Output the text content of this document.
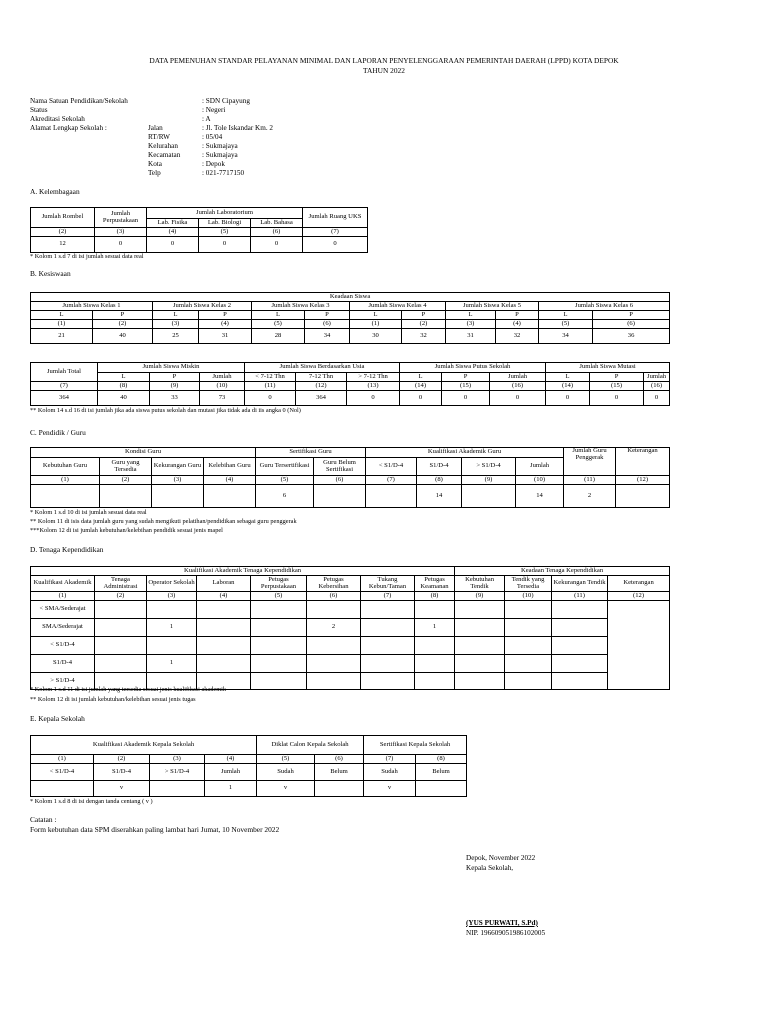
DATA PEMENUHAN STANDAR PELAYANAN MINIMAL DAN LAPORAN PENYELENGGARAAN PEMERINTAH DAERAH (LPPD) KOTA DEPOK
TAHUN 2022
Nama Satuan Pendidikan/Sekolah	: SDN Cipayung
Status	: Negeri
Akreditasi Sekolah	: A
Alamat Lengkap Sekolah :	Jalan	: Jl. Tole Iskandar Km. 2
RT/RW	: 05/04
Kelurahan	: Sukmajaya
Kecamatan	: Sukmajaya
Kota	: Depok
Telp	: 021-7717150
A. Kelembagaan
Jumlah Rombel	Jumlah Perpustakaan	Jumlah Laboratorium			Jumlah Ruang UKS
		Lab. Fisika	Lab. Biologi	Lab. Bahasa	
(2)	(3)	(4)	(5)	(6)	(7)
12	0	0	0	0	0
* Kolom 1 s.d 7 di isi jumlah sesuai data real
B. Kesiswaan
Keadaan Siswa											
Jumlah Siswa Kelas 1		Jumlah Siswa Kelas 2		Jumlah Siswa Kelas 3		Jumlah Siswa Kelas 4		Jumlah Siswa Kelas 5		Jumlah Siswa Kelas 6	
L	P	L	P	L	P	L	P	L	P	L	P
(1)	(2)	(3)	(4)	(5)	(6)	(1)	(2)	(3)	(4)	(5)	(6)
21	40	25	31	28	34	30	32	31	32	34	36
Jumlah Total	Jumlah Siswa Miskin			Jumlah Siswa Berdasarkan Usia			Jumlah Siswa Putus Sekolah			Jumlah Siswa Mutasi		
	L	P	Jumlah	< 7-12 Thn	7-12 Thn	> 7-12 Thn	L	P	Jumlah	L	P	Jumlah
(7)	(8)	(9)	(10)	(11)	(12)	(13)	(14)	(15)	(16)	(14)	(15)	(16)
364	40	33	73	0	364	0	0	0	0	0	0	0
** Kolom 14 s.d 16 di isi jumlah jika ada siswa putus sekolah dan mutasi jika tidak ada di iis angka 0 (Nol)
C. Pendidik / Guru
Kondisi Guru				Sertifikasi Guru		Kualifikasi Akademik Guru				Jumlah Guru Penggerak	Keterangan
Kebutuhan Guru	Guru yang Tersedia	Kekurangan Guru	Kelebihan Guru	Guru Tersertifikasi	Guru Belum Sertifikasi	< S1/D-4	S1/D-4	> S1/D-4	Jumlah		
(1)	(2)	(3)	(4)	(5)	(6)	(7)	(8)	(9)	(10)	(11)	(12)
				6			14		14	2	
* Kolom 1 s.d 10 di isi jumlah sesuai data real
** Kolom 11 di isis data jumlah guru yang sudah mengikuti pelatihan/pendidikan sebagai guru penggerak
***Kolom 12 di isi jumlah kebutuhan/kelebihan pendidik sesuai jenis mapel
D. Tenaga Kependidikan
Kualifikasi Akademik Tenaga Kependidikan								Keadaan Tenaga Kependidikan			
Kualifikasi Akademik	Tenaga Administrasi	Operator Sekolah	Laboran	Petugas Perpustakaan	Petugas Kebersihan	Tukang Kebun/Taman	Petugas Keamanan	Kebutuhan Tendik	Tendik yang Tersedia	Kekurangan Tendik	Keterangan
(1)	(2)	(3)	(4)	(5)	(6)	(7)	(8)	(9)	(10)	(11)	(12)
< SMA/Sederajat											
SMA/Sederajat		1			2		1				
< S1/D-4											
S1/D-4		1									
> S1/D-4											
* Kolom 1 s.d 11 di isi jumlah yang tersedia sesuai jenis kualifikasi akademik
** Kolom 12 di isi jumlah kebutuhan/kelebihan sesuai jenis tugas
E. Kepala Sekolah
Kualifikasi Akademik Kepala Sekolah				Diklat Calon Kepala Sekolah		Sertifikasi Kepala Sekolah	
(1)	(2)	(3)	(4)	(5)	(6)	(7)	(8)
< S1/D-4	S1/D-4	> S1/D-4	Jumlah	Sudah	Belum	Sudah	Belum
	v		1	v		v	
* Kolom 1 s.d 8 di isi dengan tanda centang ( v )
Catatan :
Form kebutuhan data SPM diserahkan paling lambat hari Jumat, 10 November 2022
Depok, November 2022
Kepala Sekolah,
(YUS PURWATI, S.Pd)
NIP. 196609051986102005
